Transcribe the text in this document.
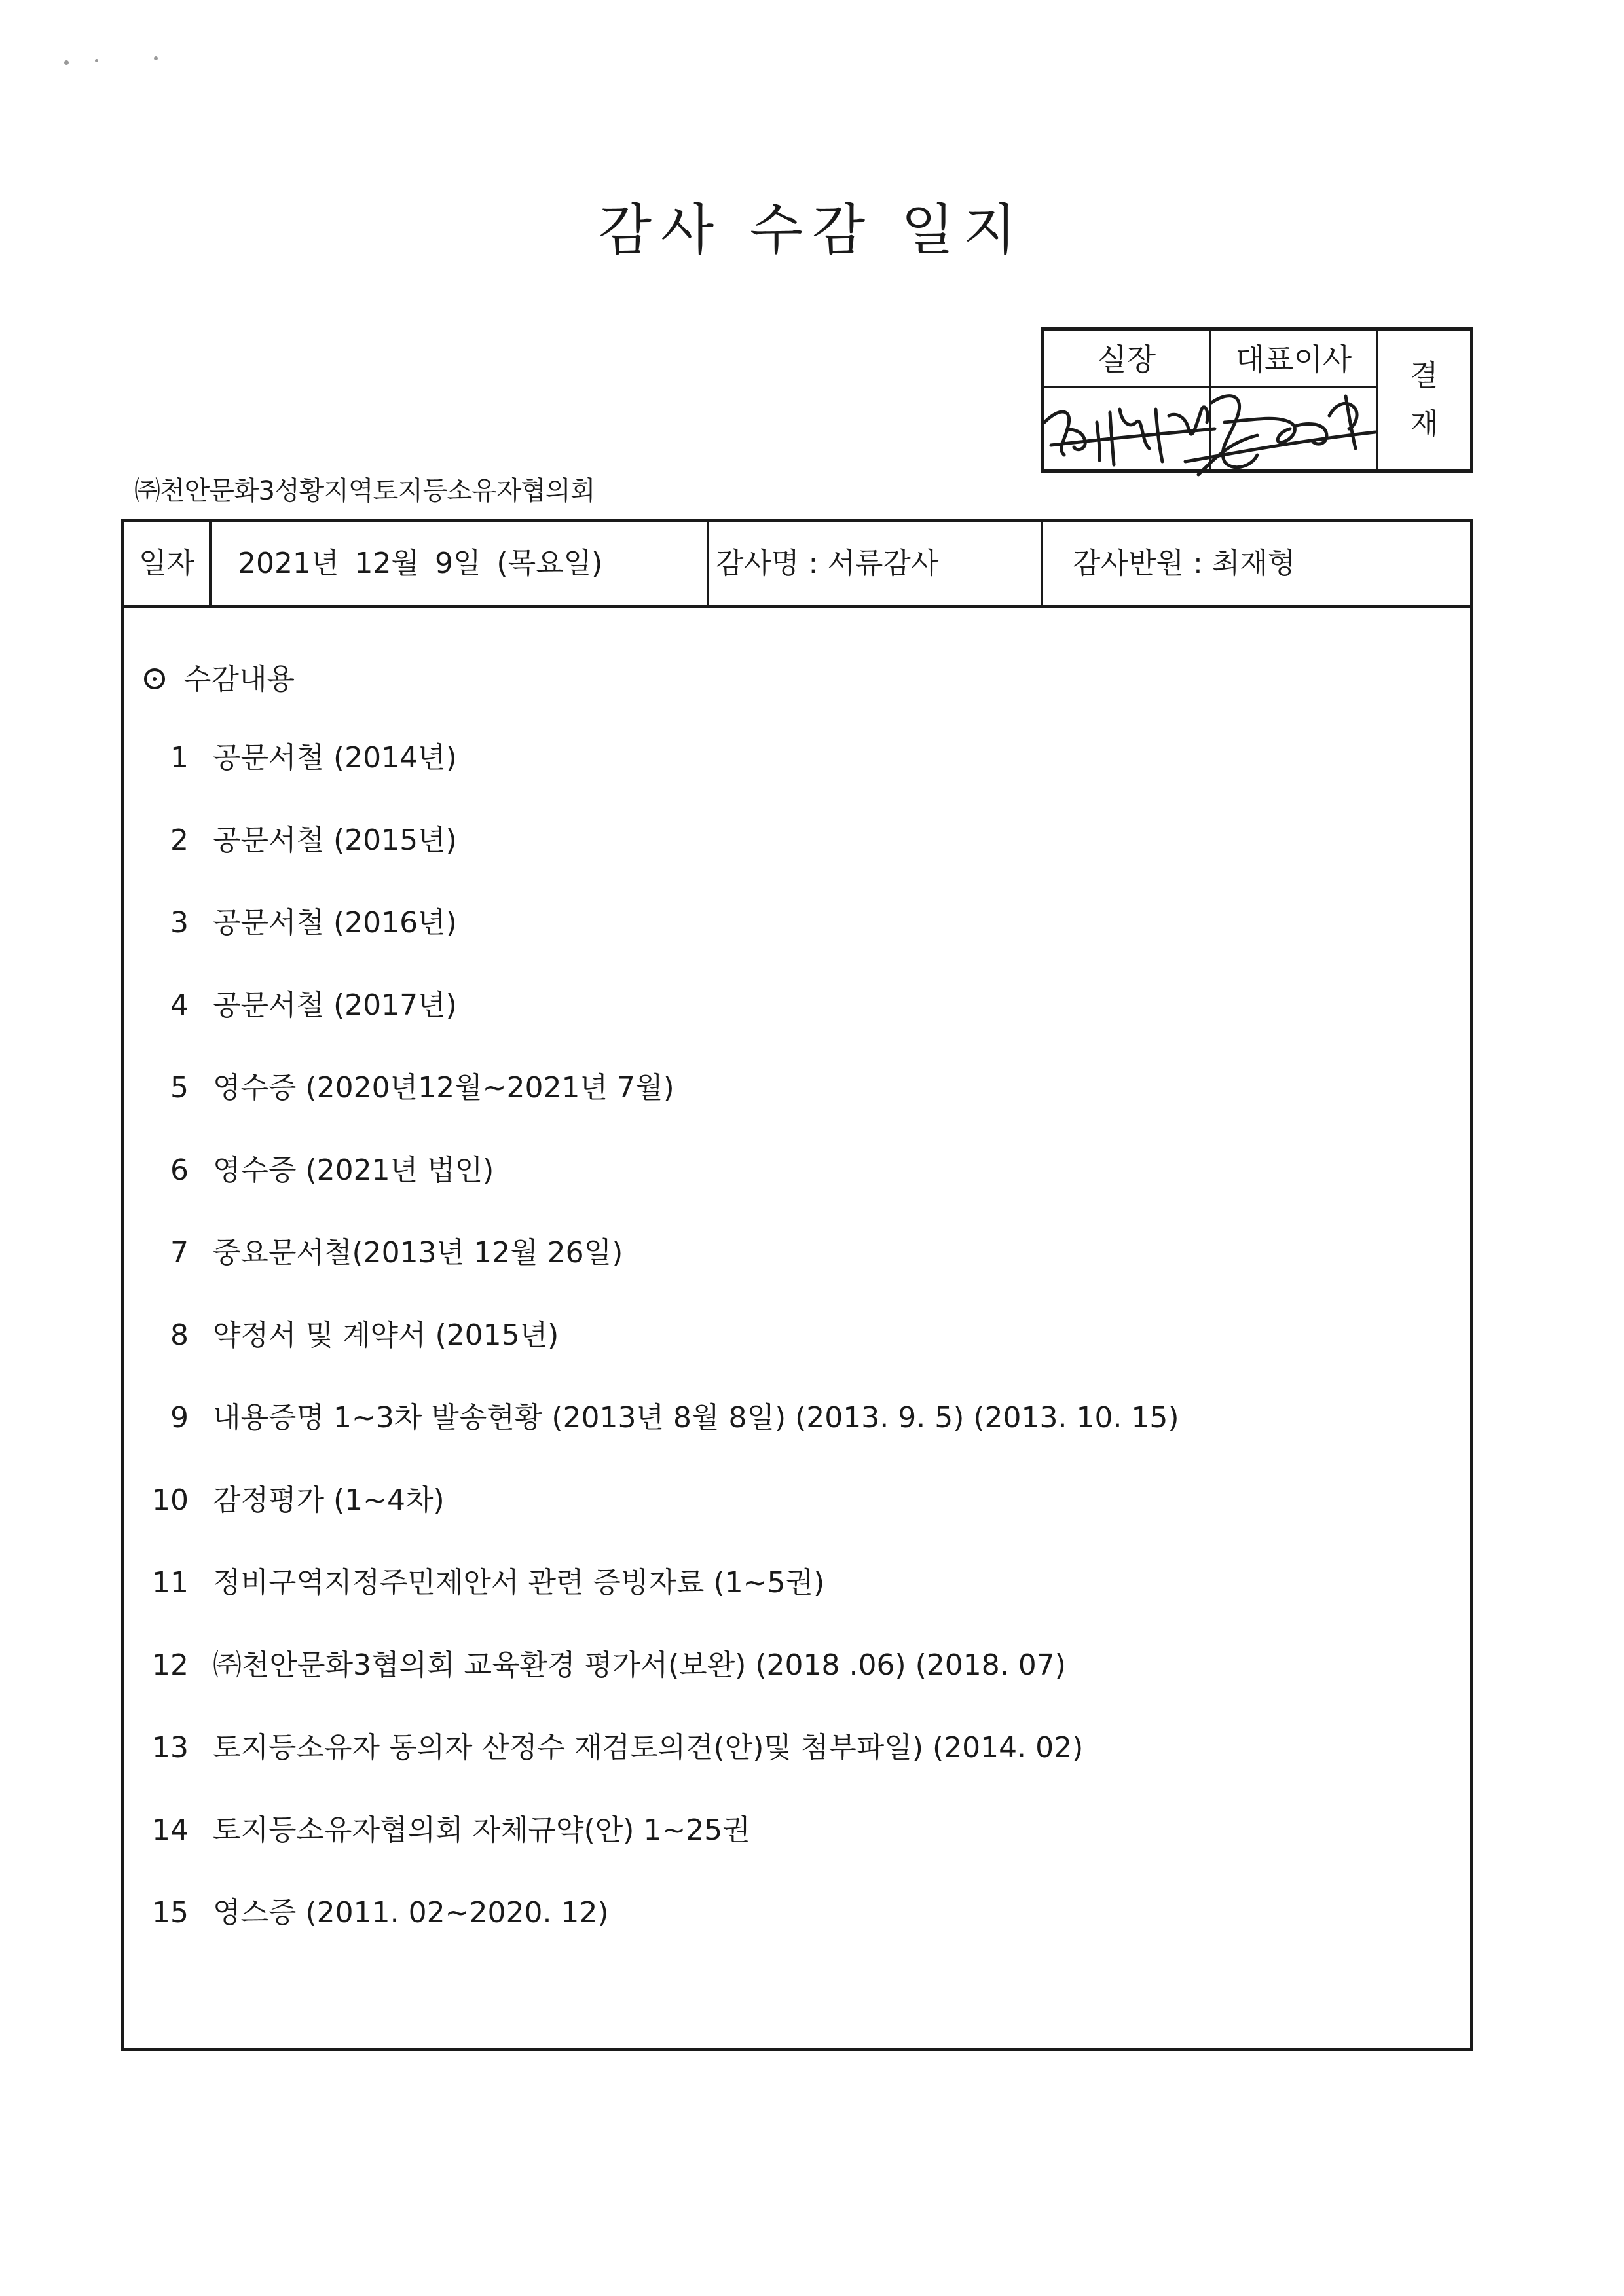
감사 수감 일지
실장	대표이사	결
재
㈜천안문화3성황지역토지등소유자협의회
일자	2021년 12월 9일 (목요일)	감사명 : 서류감사	감사반원 : 최재형
수감내용
1 공문서철 (2014년)
2 공문서철 (2015년)
3 공문서철 (2016년)
4 공문서철 (2017년)
5 영수증 (2020년12월~2021년 7월)
6 영수증 (2021년 법인)
7 중요문서철(2013년 12월 26일)
8 약정서 및 계약서 (2015년)
9 내용증명 1~3차 발송현황 (2013년 8월 8일) (2013. 9. 5) (2013. 10. 15)
10 감정평가 (1~4차)
11 정비구역지정주민제안서 관련 증빙자료 (1~5권)
12 ㈜천안문화3협의회 교육환경 평가서(보완) (2018 .06) (2018. 07)
13 토지등소유자 동의자 산정수 재검토의견(안)및 첨부파일) (2014. 02)
14 토지등소유자협의회 자체규약(안) 1~25권
15 영스증 (2011. 02~2020. 12)
